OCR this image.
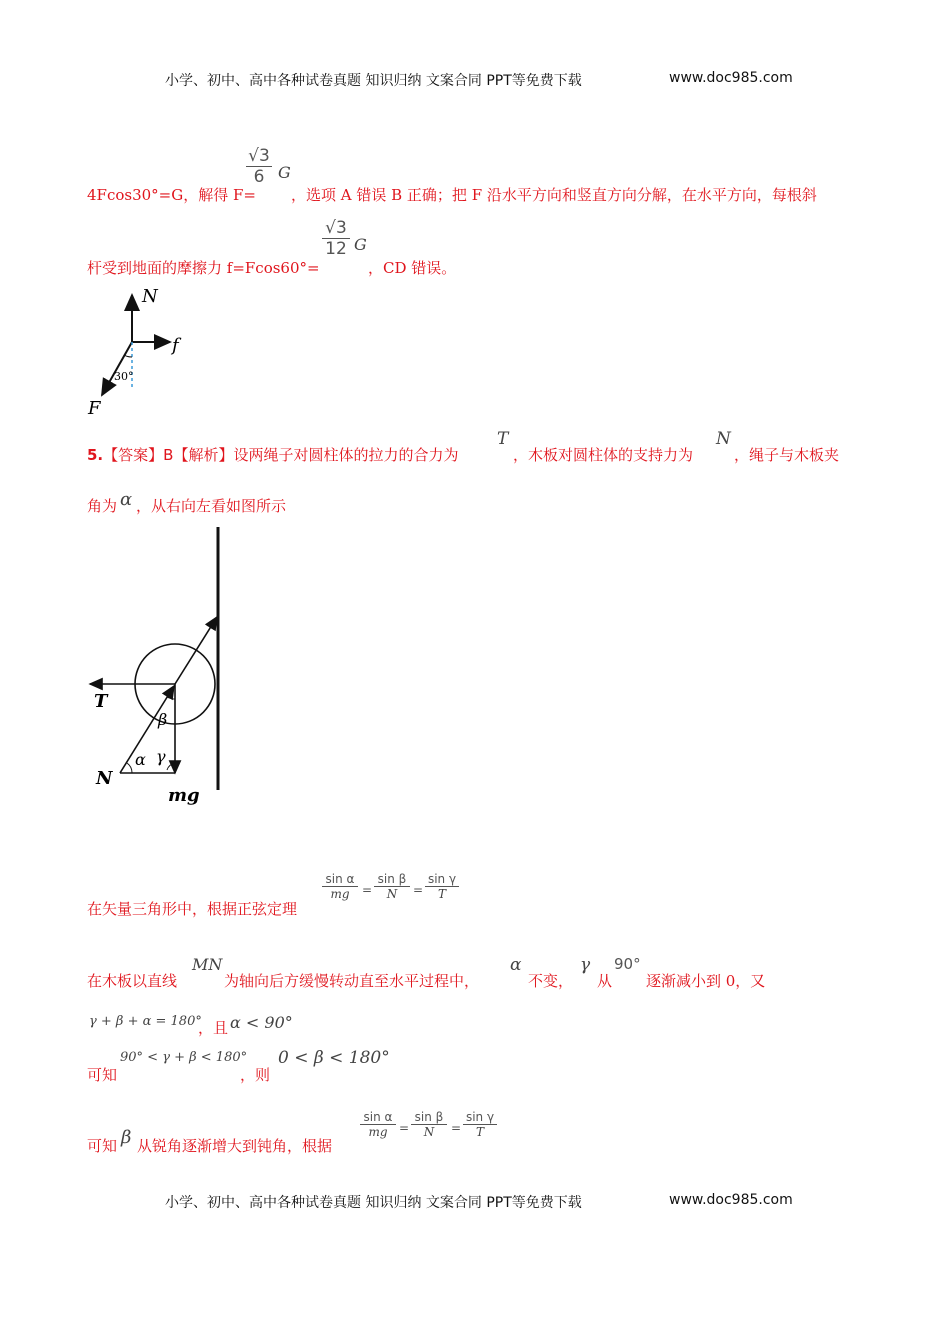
小学、初中、高中各种试卷真题 知识归纳 文案合同 PPT等免费下载	www.doc985.com
4Fcos30°=G，解得 F=
√3
6 G
，选项 A 错误 B 正确；把 F 沿水平方向和竖直方向分解，在水平方向，每根斜
杆受到地面的摩擦力 f=Fcos60°=
√3
12 G
，CD 错误。
N
f
F
30°
5.【答案】B【解析】设两绳子对圆柱体的拉力的合力为
T
，木板对圆柱体的支持力为
N
，绳子与木板夹
角为 α ，从右向左看如图所示
T
N
mg
β
α γ
在矢量三角形中，根据正弦定理
sin α
mg =
sin β
N =
sin γ
T
在木板以直线
MN
为轴向后方缓慢转动直至水平过程中，
α
不变，
γ
从
90°
逐渐减小到 0，又
γ + β + α = 180°
，且 α < 90°
90° < γ + β < 180°
可知	，则
0 < β < 180°
可知 β 从锐角逐渐增大到钝角，根据
sin α
mg =
sin β
N =
sin γ
T
小学、初中、高中各种试卷真题 知识归纳 文案合同 PPT等免费下载	www.doc985.com
